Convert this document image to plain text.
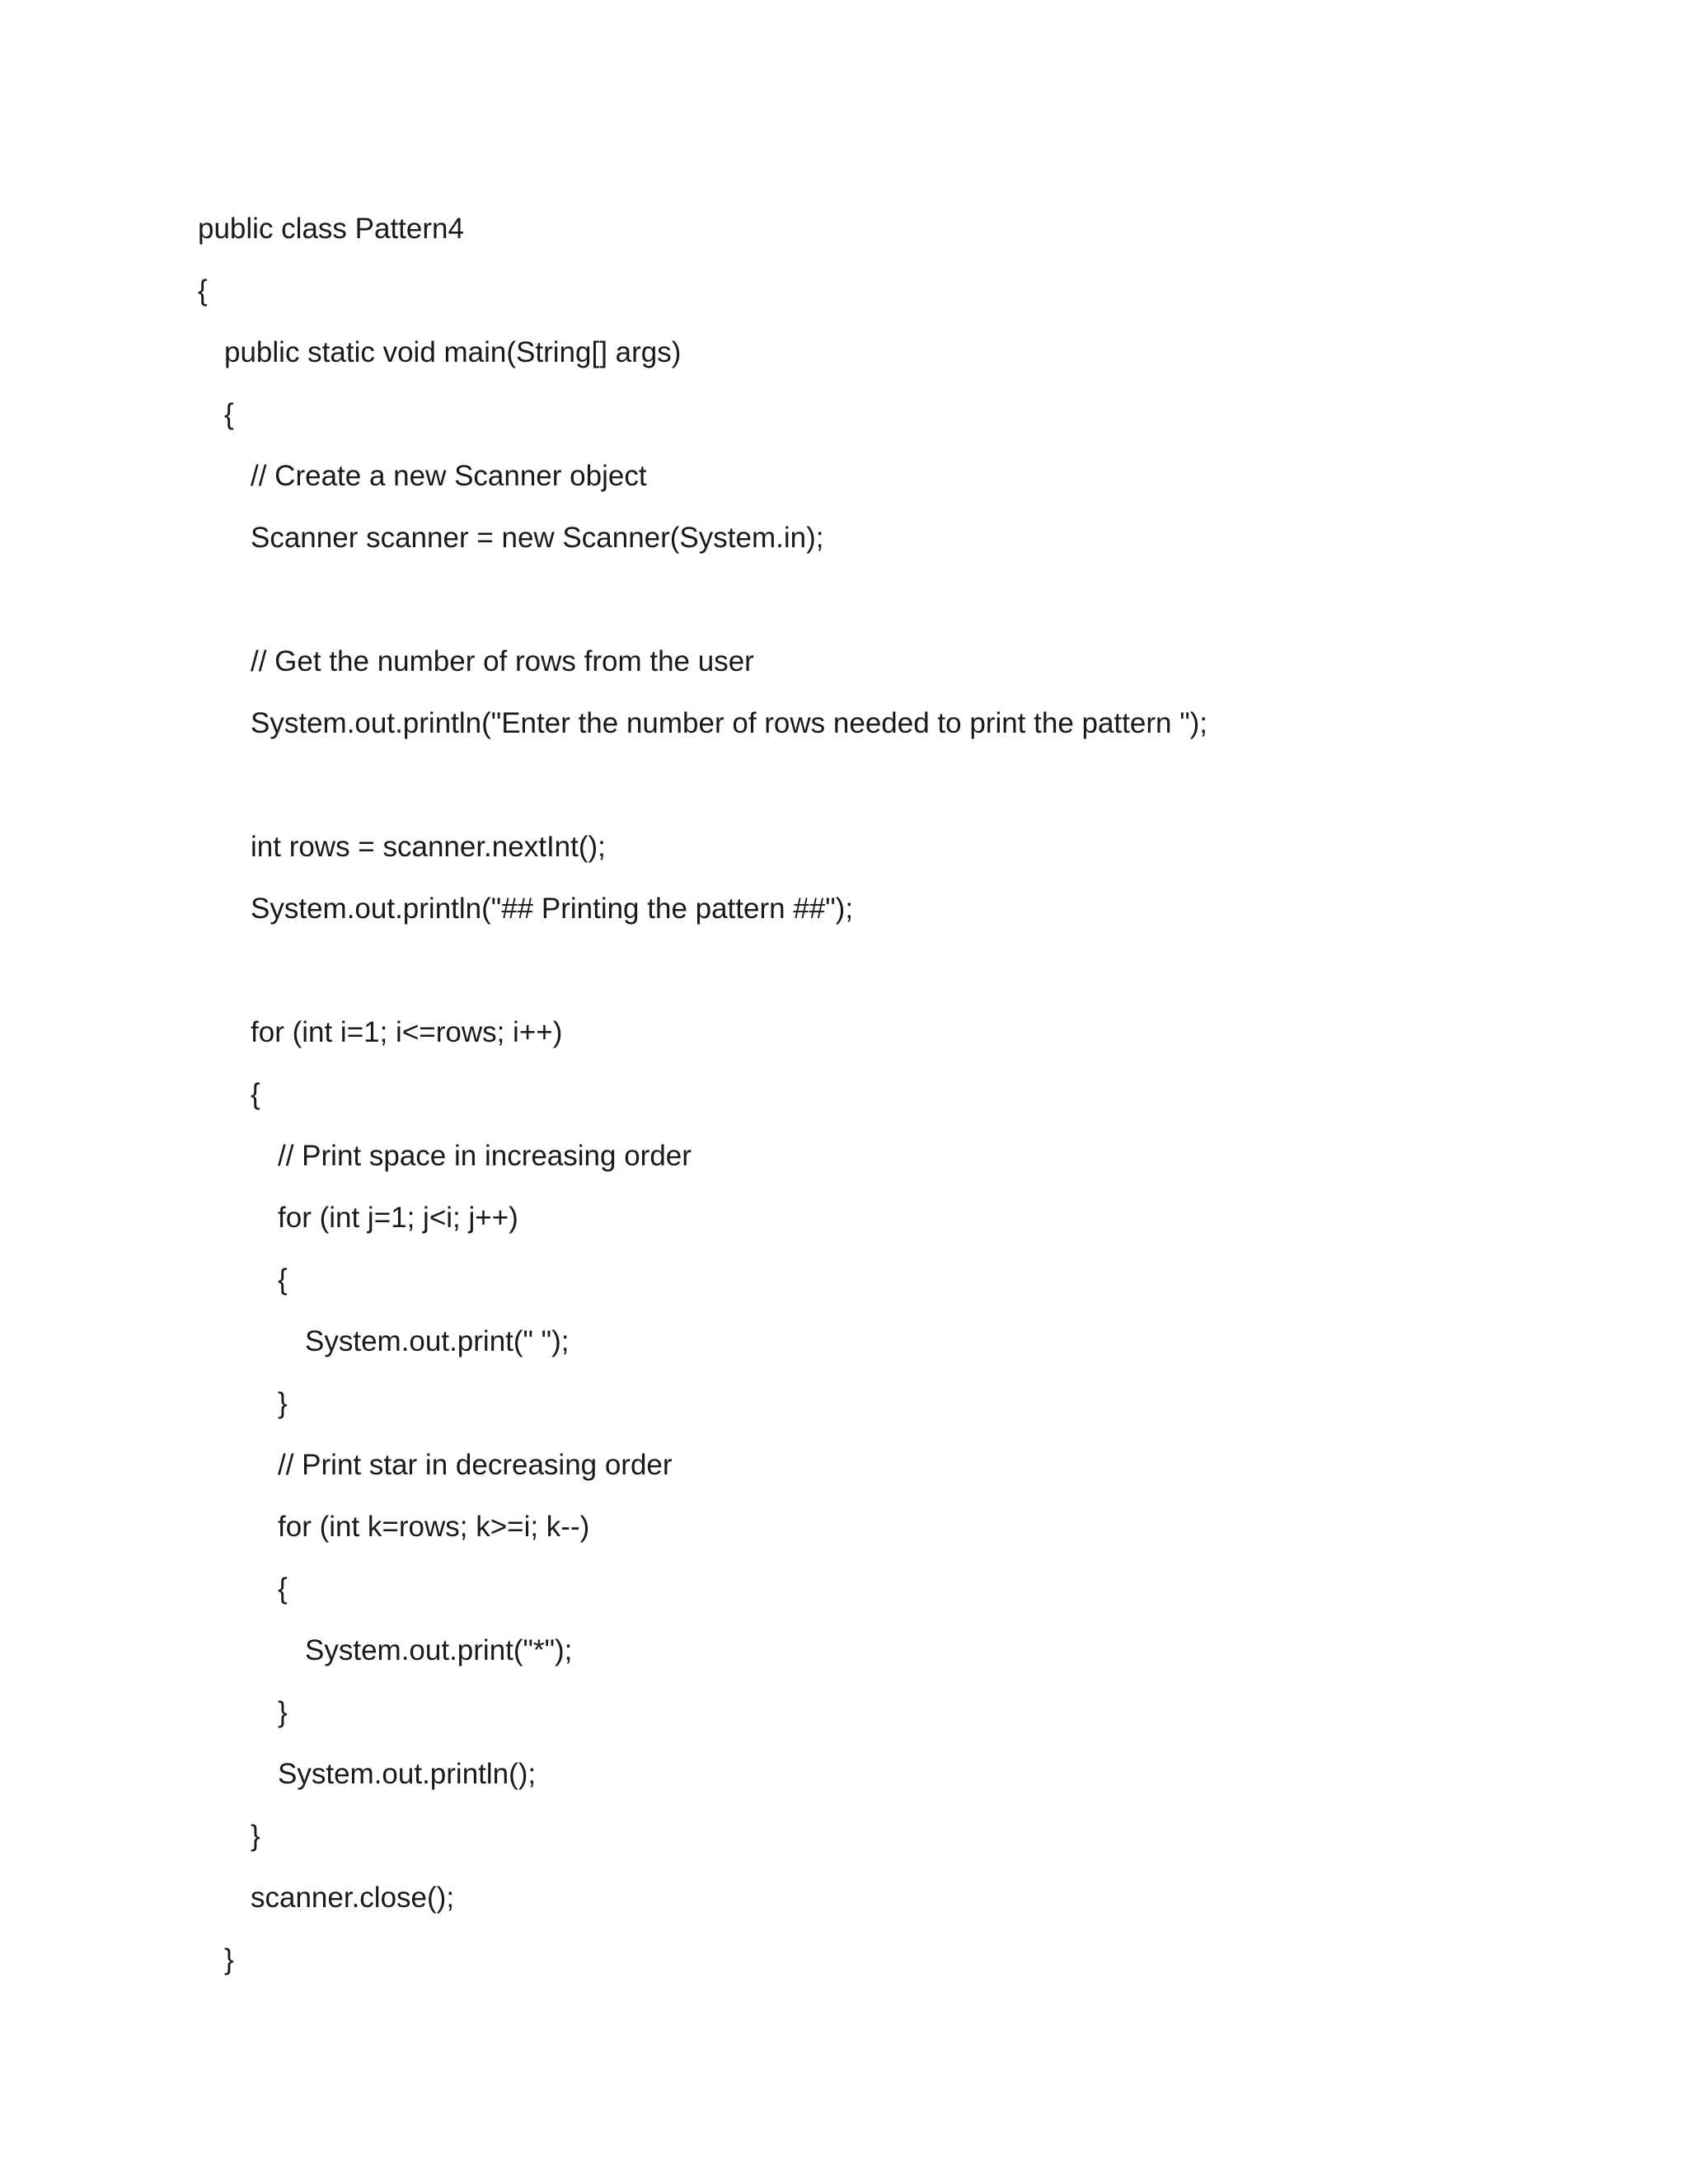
public class Pattern4
{
public static void main(String[] args)
{
// Create a new Scanner object
Scanner scanner = new Scanner(System.in);
// Get the number of rows from the user
System.out.println("Enter the number of rows needed to print the pattern ");
int rows = scanner.nextInt();
System.out.println("## Printing the pattern ##");
for (int i=1; i<=rows; i++)
{
// Print space in increasing order
for (int j=1; j<i; j++)
{
System.out.print(" ");
}
// Print star in decreasing order
for (int k=rows; k>=i; k--)
{
System.out.print("*");
}
System.out.println();
}
scanner.close();
}
